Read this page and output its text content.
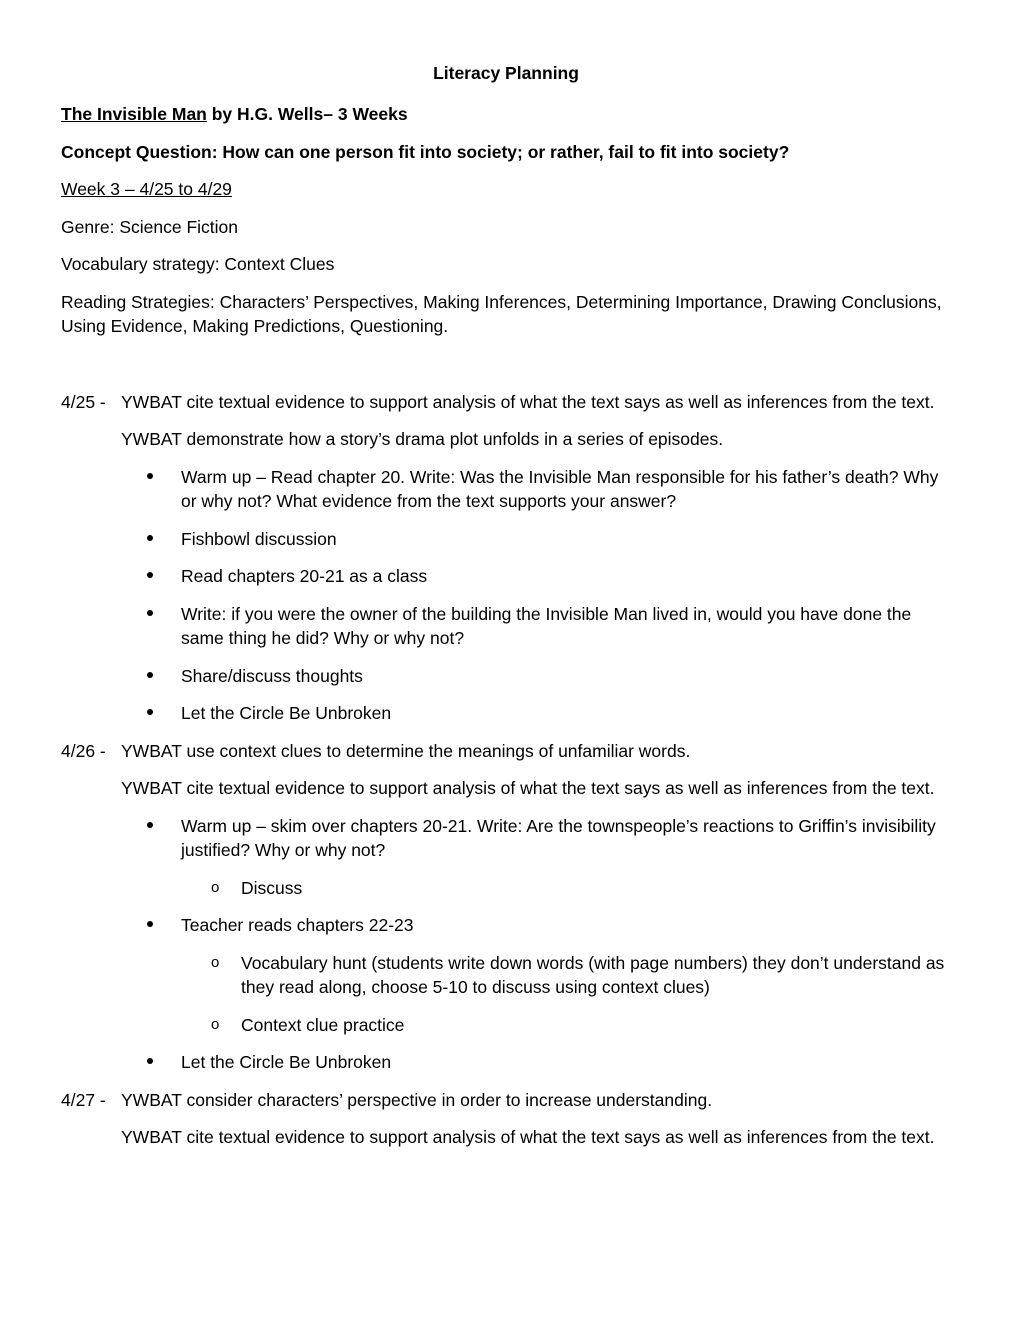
Literacy Planning
The Invisible Man by H.G. Wells– 3 Weeks
Concept Question: How can one person fit into society; or rather, fail to fit into society?
Week 3 – 4/25 to 4/29
Genre: Science Fiction
Vocabulary strategy: Context Clues
Reading Strategies: Characters’ Perspectives, Making Inferences, Determining Importance, Drawing Conclusions, Using Evidence, Making Predictions, Questioning.
4/25 - YWBAT cite textual evidence to support analysis of what the text says as well as inferences from the text.
YWBAT demonstrate how a story’s drama plot unfolds in a series of episodes.
Warm up – Read chapter 20. Write: Was the Invisible Man responsible for his father’s death? Why or why not? What evidence from the text supports your answer?
Fishbowl discussion
Read chapters 20-21 as a class
Write: if you were the owner of the building the Invisible Man lived in, would you have done the same thing he did? Why or why not?
Share/discuss thoughts
Let the Circle Be Unbroken
4/26 - YWBAT use context clues to determine the meanings of unfamiliar words.
YWBAT cite textual evidence to support analysis of what the text says as well as inferences from the text.
Warm up – skim over chapters 20-21. Write: Are the townspeople’s reactions to Griffin’s invisibility justified? Why or why not?
o Discuss
Teacher reads chapters 22-23
o Vocabulary hunt (students write down words (with page numbers) they don’t understand as they read along, choose 5-10 to discuss using context clues)
o Context clue practice
Let the Circle Be Unbroken
4/27 - YWBAT consider characters’ perspective in order to increase understanding.
YWBAT cite textual evidence to support analysis of what the text says as well as inferences from the text.
